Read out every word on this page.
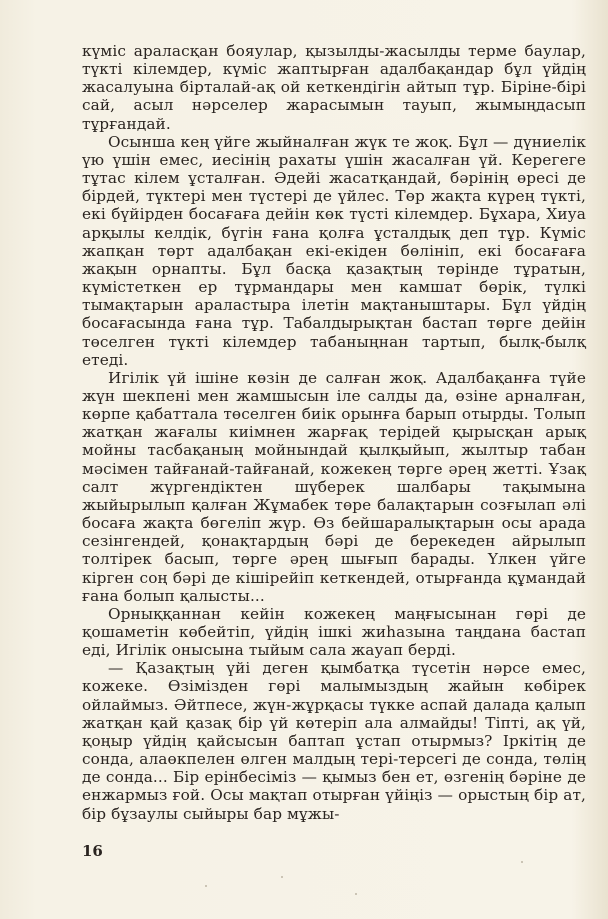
күміс араласқан бояулар, қызылды-жасылды терме баулар, түкті кілемдер, күміс жаптырған адалбақандар бұл үйдің жасалуына бірталай-ақ ой кеткендігін айтып тұр. Біріне-бірі сай, асыл нәрселер жарасымын тауып, жымыңдасып тұрғандай.

Осынша кең үйге жыйналған жүк те жоқ. Бұл — дүниелік үю үшін емес, иесінің рахаты үшін жасалған үй. Керегеге тұтас кілем ұсталған. Әдейі жасатқандай, бәрінің өресі де бірдей, түктері мен түстері де үйлес. Төр жақта күрең түкті, екі бүйірден босағаға дейін көк түсті кілемдер. Бұхара, Хиуа арқылы келдік, бүгін ғана қолға ұсталдық деп тұр. Күміс жапқан төрт адалбақан екі-екіден бөлініп, екі босағаға жақын орнапты. Бұл басқа қазақтың төрінде тұратын, күмістеткен ер тұрмандары мен камшат бөрік, түлкі тымақтарын араластыра ілетін мақтаныштары. Бұл үйдің босағасында ғана тұр. Табалдырықтан бастап төрге дейін төселген түкті кілемдер табаныңнан тартып, былқ-былқ етеді.

Игілік үй ішіне көзін де салған жоқ. Адалбақанға түйе жүн шекпені мен жамшысын іле салды да, өзіне арналған, көрпе қабаттала төселген биік орынға барып отырды. Толып жатқан жағалы киімнен жарғақ терідей қырысқан арық мойны тасбақаның мойнындай қылқыйып, жылтыр табан мәсімен тайғанай-тайғанай, кожекең төрге әрең жетті. Ұзақ салт жүргендіктен шүберек шалбары тақымына жыйырылып қалған Жұмабек төре балақтарын созғылап әлі босаға жақта бөгеліп жүр. Өз бейшаралықтарын осы арада сезінгендей, қонақтардың бәрі де берекеден айрылып толтірек басып, төрге әрең шығып барады. Үлкен үйге кірген соң бәрі де кішірейіп кеткендей, отырғанда құмандай ғана болып қалысты...

Орныққаннан кейін кожекең маңғысынан гөрі де қошаметін көбейтіп, үйдің ішкі жиһазына таңдана бастап еді, Игілік оныcына тыйым сала жауап берді.

— Қазақтың үйі деген қымбатқа түсетін нәрсе емес, кожеке. Өзімізден гөрі малымыздың жайын көбірек ойлаймыз. Әйтпесе, жүн-жұрқасы түкке аспай далада қалып жатқан қай қазақ бір үй көтеріп ала алмайды! Тіпті, ақ үй, қоңыр үйдің қайсысын баптап ұстап отырмыз? Іркітің де сонда, алаөкпелен өлген малдың тері-терсегі де сонда, төлің де сонда... Бір ерінбесіміз — қымыз бен ет, өзгенің бәріне де енжармыз ғой. Осы мақтап отырған үйіңіз — орыстың бір ат, бір бұзаулы сыйыры бар мұжы-

16
